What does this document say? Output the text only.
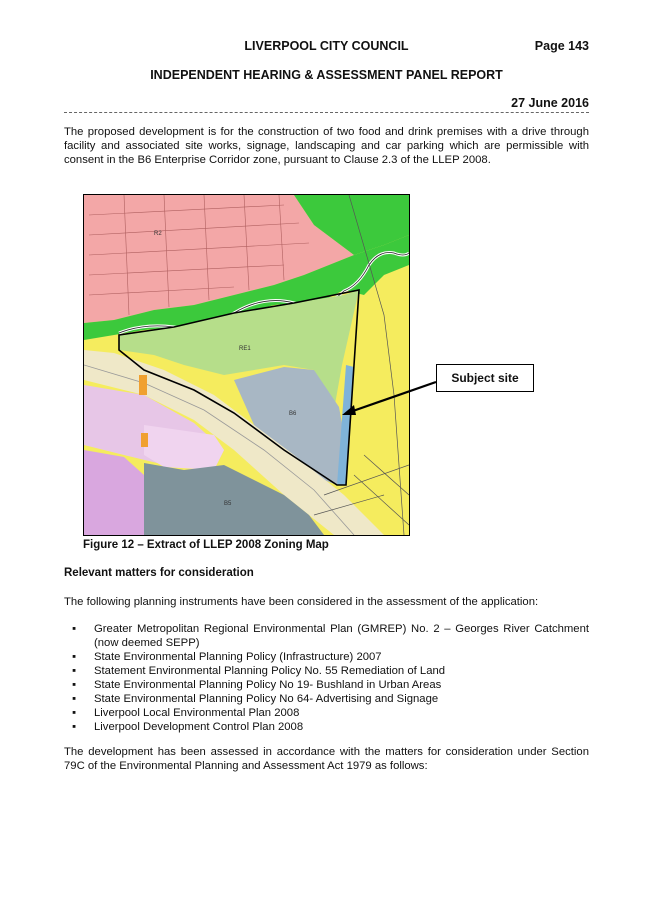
LIVERPOOL CITY COUNCIL	Page 143
INDEPENDENT HEARING & ASSESSMENT PANEL REPORT
27 June 2016
The proposed development is for the construction of two food and drink premises with a drive through facility and associated site works, signage, landscaping and car parking which are permissible with consent in the B6 Enterprise Corridor zone, pursuant to Clause 2.3 of the LLEP 2008.
RE1
B6
R2
B5
Subject site
Figure 12 – Extract of LLEP 2008 Zoning Map
Relevant matters for consideration
The following planning instruments have been considered in the assessment of the application:
▪ Greater Metropolitan Regional Environmental Plan (GMREP) No. 2 – Georges River Catchment (now deemed SEPP)
▪ State Environmental Planning Policy (Infrastructure) 2007
▪ Statement Environmental Planning Policy No. 55 Remediation of Land
▪ State Environmental Planning Policy No 19- Bushland in Urban Areas
▪ State Environmental Planning Policy No 64- Advertising and Signage
▪ Liverpool Local Environmental Plan 2008
▪ Liverpool Development Control Plan 2008
The development has been assessed in accordance with the matters for consideration under Section 79C of the Environmental Planning and Assessment Act 1979 as follows:
